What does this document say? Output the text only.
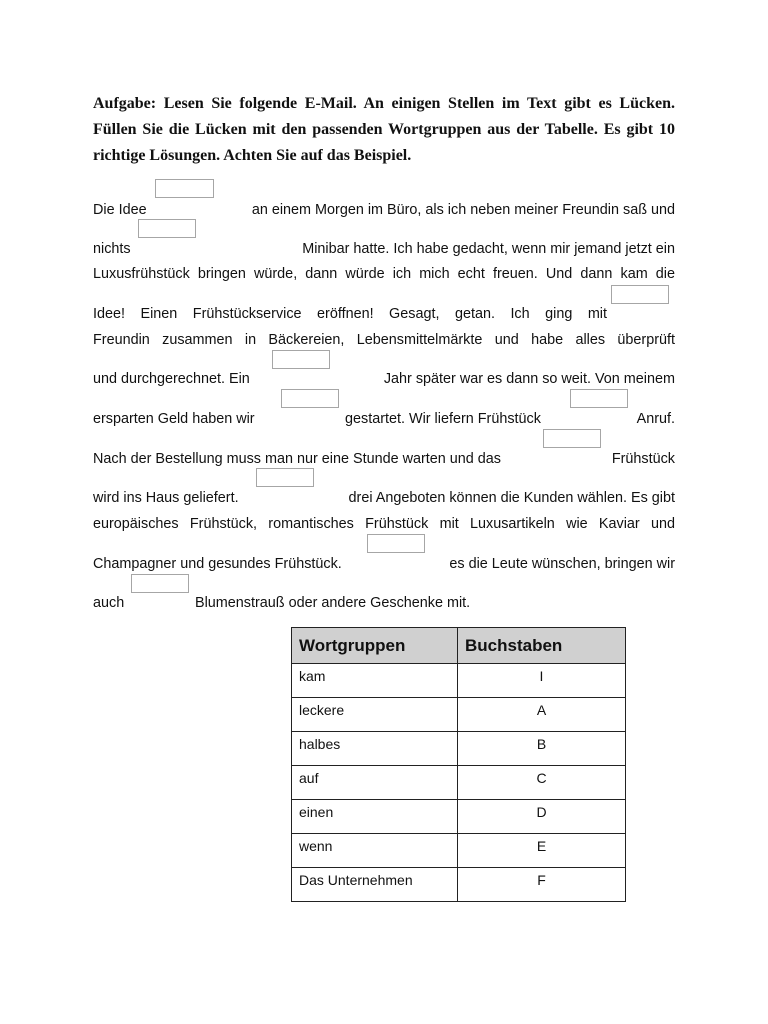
Aufgabe: Lesen Sie folgende E-Mail. An einigen Stellen im Text gibt es Lücken. Füllen Sie die Lücken mit den passenden Wortgruppen aus der Tabelle. Es gibt 10 richtige Lösungen. Achten Sie auf das Beispiel.

Die Idee	an einem Morgen im Büro, als ich neben meiner Freundin saß und
nichts	Minibar hatte. Ich habe gedacht, wenn mir jemand jetzt ein
Luxusfrühstück bringen würde, dann würde ich mich echt freuen. Und dann kam die
Idee! Einen Frühstückservice eröffnen! Gesagt, getan. Ich ging mit
Freundin zusammen in Bäckereien, Lebensmittelmärkte und habe alles überprüft
und durchgerechnet. Ein	Jahr später war es dann so weit. Von meinem
ersparten Geld haben wir	gestartet. Wir liefern Frühstück	Anruf.
Nach der Bestellung muss man nur eine Stunde warten und das	Frühstück
wird ins Haus geliefert.	drei Angeboten können die Kunden wählen. Es gibt
europäisches Frühstück, romantisches Frühstück mit Luxusartikeln wie Kaviar und
Champagner und gesundes Frühstück.	es die Leute wünschen, bringen wir
auch	Blumenstrauß oder andere Geschenke mit.
Wortgruppen	Buchstaben
kam	I
leckere	A
halbes	B
auf	C
einen	D
wenn	E
Das Unternehmen	F
